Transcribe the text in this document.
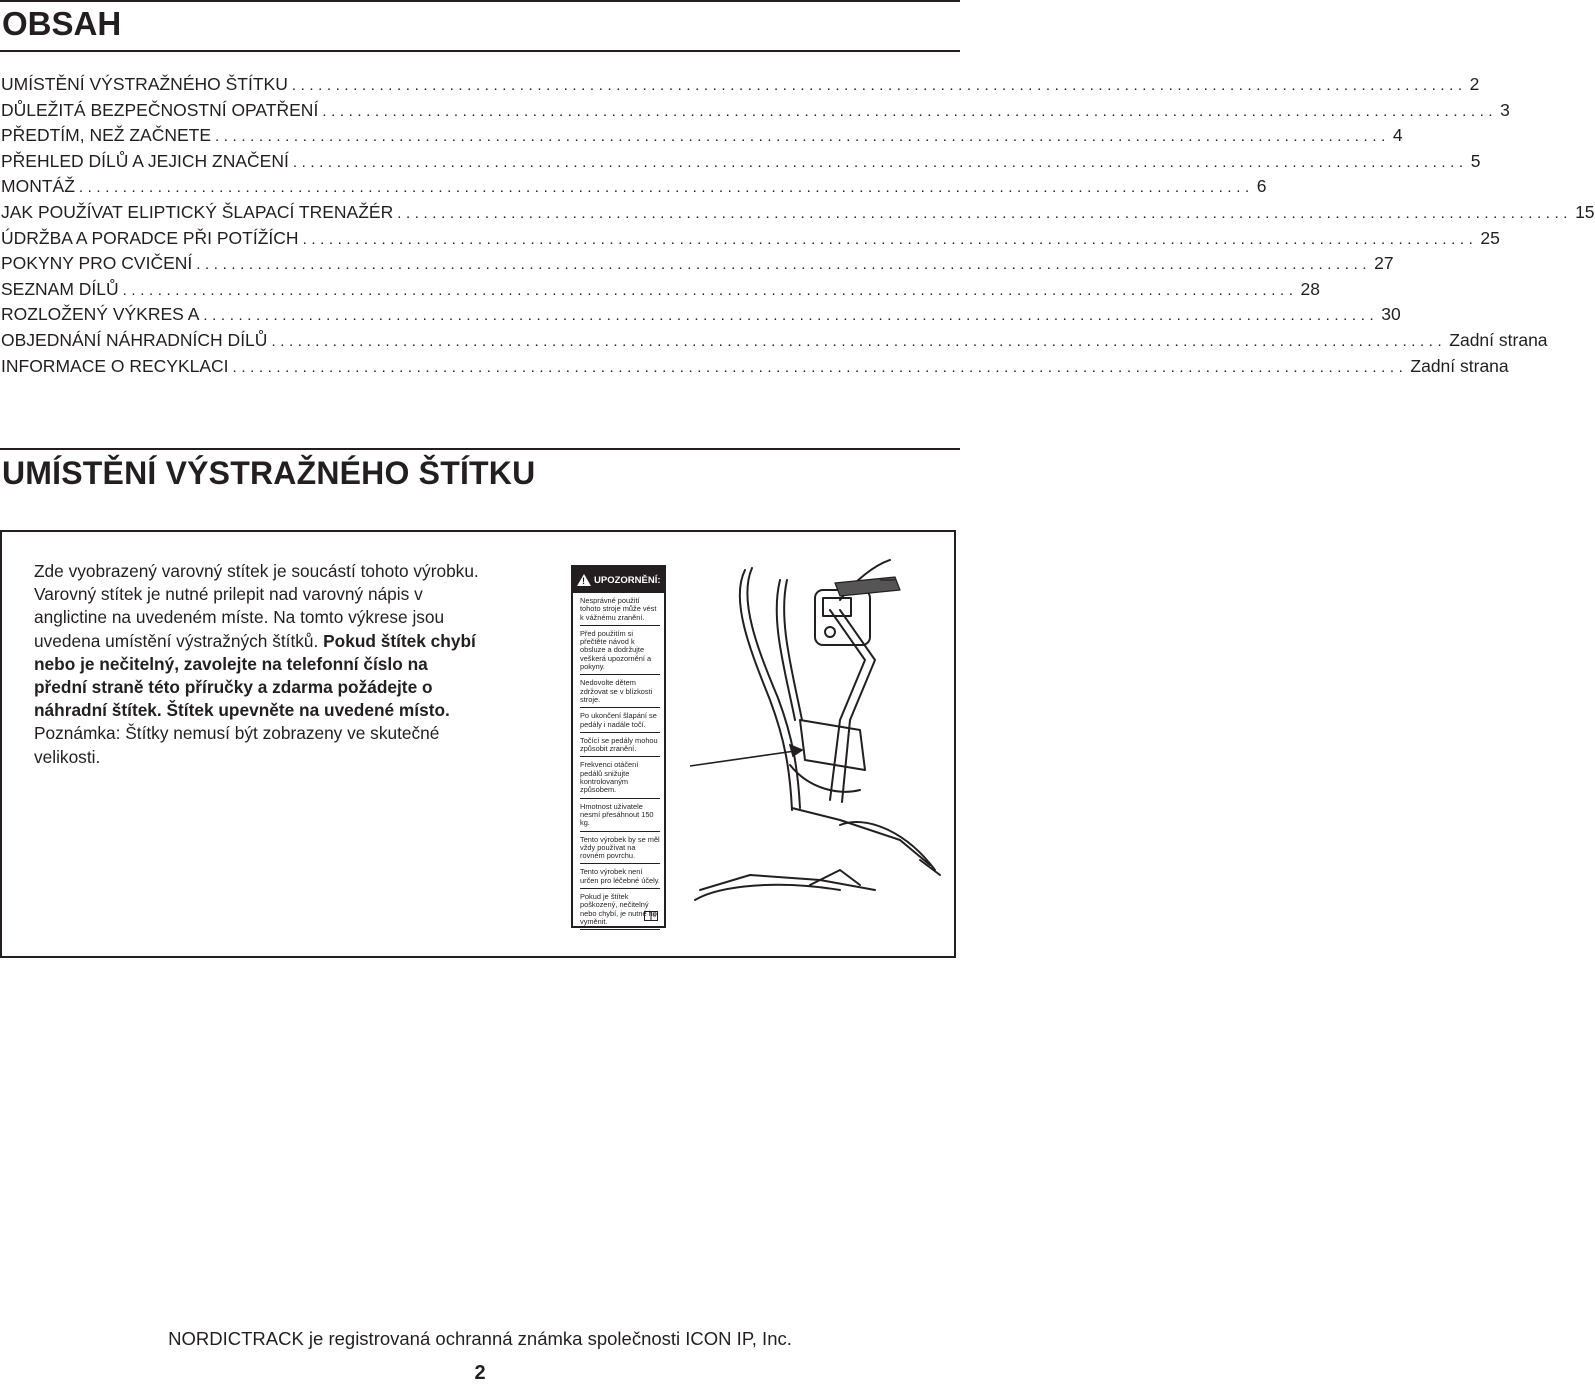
OBSAH
UMÍSTĚNÍ VÝSTRAŽNÉHO ŠTÍTKU ...................................................................................................................................... 2
DŮLEŽITÁ BEZPEČNOSTNÍ OPATŘENÍ ...................................................................................................................................... 3
PŘEDTÍM, NEŽ ZAČNETE ...................................................................................................................................... 4
PŘEHLED DÍLŮ A JEJICH ZNAČENÍ ...................................................................................................................................... 5
MONTÁŽ ...................................................................................................................................... 6
JAK POUŽÍVAT ELIPTICKÝ ŠLAPACÍ TRENAŽÉR ...................................................................................................................................... 15
ÚDRŽBA A PORADCE PŘI POTÍŽÍCH ...................................................................................................................................... 25
POKYNY PRO CVIČENÍ ...................................................................................................................................... 27
SEZNAM DÍLŮ ...................................................................................................................................... 28
ROZLOŽENÝ VÝKRES A ...................................................................................................................................... 30
OBJEDNÁNÍ NÁHRADNÍCH DÍLŮ ...................................................................................................................................... Zadní strana
INFORMACE O RECYKLACI ...................................................................................................................................... Zadní strana
UMÍSTĚNÍ VÝSTRAŽNÉHO ŠTÍTKU
Zde vyobrazený varovný stítek je soucástí tohoto výrobku. Varovný stítek je nutné prilepit nad varovný nápis v anglictine na uvedeném míste. Na tomto výkrese jsou uvedena umístění výstražných štítků. Pokud štítek chybí nebo je nečitelný, zavolejte na telefonní číslo na přední straně této příručky a zdarma požádejte o náhradní štítek. Štítek upevněte na uvedené místo. Poznámka: Štítky nemusí být zobrazeny ve skutečné velikosti.
! UPOZORNĚNÍ:
Nesprávné použití tohoto stroje může vést k vážnému zranění.
Před použitím si přečtěte návod k obsluze a dodržujte veškerá upozornění a pokyny.
Nedovolte dětem zdržovat se v blízkosti stroje.
Po ukončení šlapání se pedály i nadále točí.
Točící se pedály mohou způsobit zranění.
Frekvenci otáčení pedálů snižujte kontrolovaným způsobem.
Hmotnost uživatele nesmí přesáhnout 150 kg.
Tento výrobek by se měl vždy používat na rovném povrchu.
Tento výrobek není určen pro léčebné účely.
Pokud je štítek poškozený, nečitelný nebo chybí, je nutné ho vyměnit.
NORDICTRACK je registrovaná ochranná známka společnosti ICON IP, Inc.
2
